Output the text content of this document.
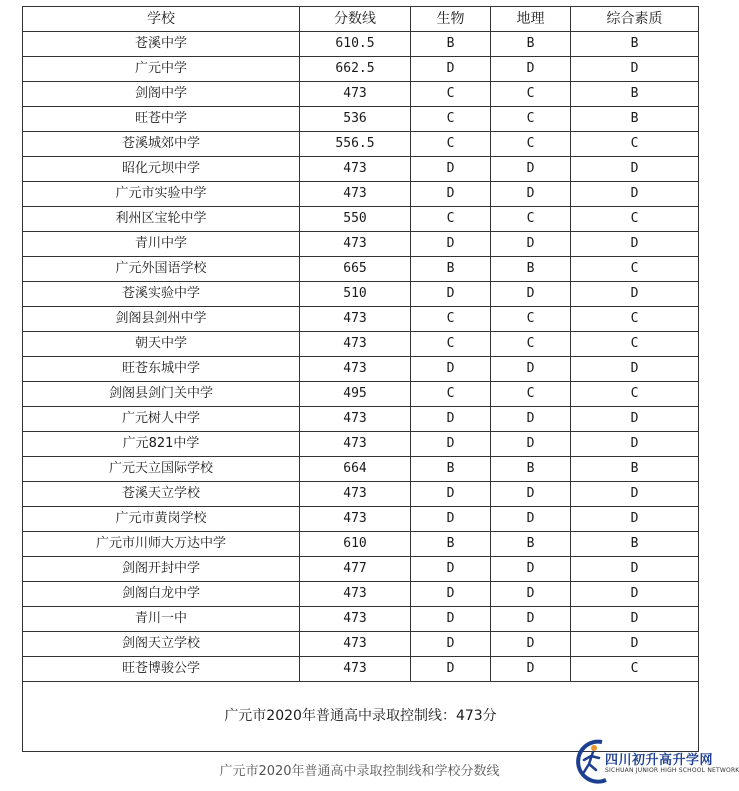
学校	分数线	生物	地理	综合素质
苍溪中学	610.5	B	B	B
广元中学	662.5	D	D	D
剑阁中学	473	C	C	B
旺苍中学	536	C	C	B
苍溪城郊中学	556.5	C	C	C
昭化元坝中学	473	D	D	D
广元市实验中学	473	D	D	D
利州区宝轮中学	550	C	C	C
青川中学	473	D	D	D
广元外国语学校	665	B	B	C
苍溪实验中学	510	D	D	D
剑阁县剑州中学	473	C	C	C
朝天中学	473	C	C	C
旺苍东城中学	473	D	D	D
剑阁县剑门关中学	495	C	C	C
广元树人中学	473	D	D	D
广元821中学	473	D	D	D
广元天立国际学校	664	B	B	B
苍溪天立学校	473	D	D	D
广元市黄岗学校	473	D	D	D
广元市川师大万达中学	610	B	B	B
剑阁开封中学	477	D	D	D
剑阁白龙中学	473	D	D	D
青川一中	473	D	D	D
剑阁天立学校	473	D	D	D
旺苍博骏公学	473	D	D	C
广元市2020年普通高中录取控制线：473分				
广元市2020年普通高中录取控制线和学校分数线
四川初升高升学网
SICHUAN JUNIOR HIGH SCHOOL NETWORK
